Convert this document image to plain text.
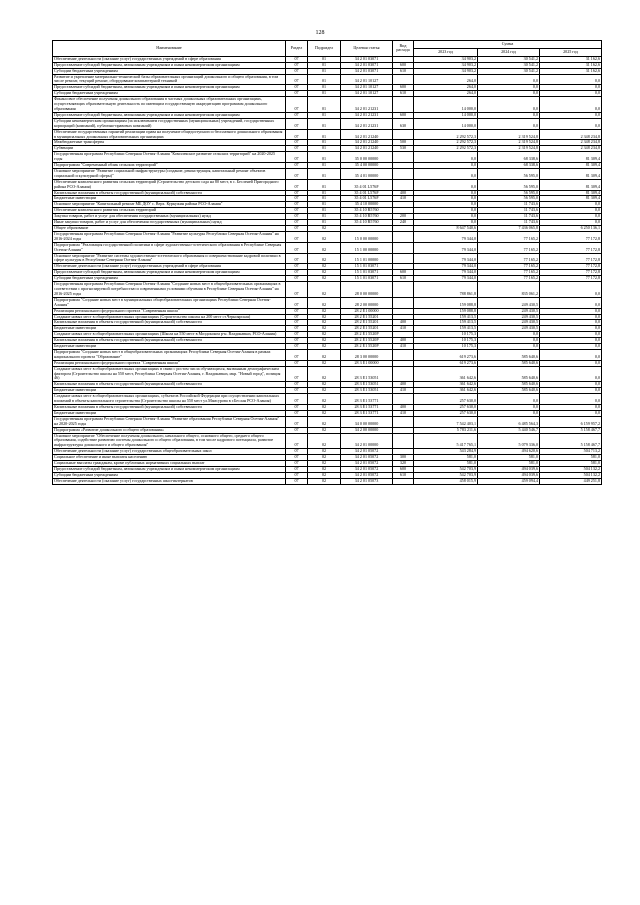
128
Наименование	Раздел	Подраздел	Целевая статья	Вид расхода	Сумма		
					2023 год	2024 год	2025 год
Обеспечение деятельности (оказание услуг) государственных учреждений в сфере образования	07	01	34 2 01 03071		34 903,2	30 541,2	31 162,6
Предоставление субсидий бюджетным, автономным учреждениям и иным некоммерческим организациям	07	01	34 2 01 03071	600	34 903,2	30 541,2	31 162,6
Субсидии бюджетным учреждениям	07	01	34 2 01 03071	610	34 903,2	30 541,2	31 162,6
Развитие и укрепление материально-технической базы образовательных организаций дошкольного и общего образования, в том числе ремонт, текущий ремонт, оборудование компьютерной техникой	07	01	34 2 01 10127		264,0	0,0	0,0
Предоставление субсидий бюджетным, автономным учреждениям и иным некоммерческим организациям	07	01	34 2 01 10127	600	264,0	0,0	0,0
Субсидии бюджетным учреждениям	07	01	34 2 01 10127	610	264,0	0,0	0,0
Финансовое обеспечение получения дошкольного образования в частных дошкольных образовательных организациях, осуществляющих образовательную деятельность по имеющим государственную аккредитацию программам дошкольного образования	07	01	34 2 01 21231		14 000,0	0,0	0,0
Предоставление субсидий бюджетным, автономным учреждениям и иным некоммерческим организациям	07	01	34 2 01 21231	600	14 000,0	0,0	0,0
Субсидии некоммерческим организациям (за исключением государственных (муниципальных) учреждений, государственных корпораций (компаний), публично-правовых компаний)	07	01	34 2 01 21231	630	14 000,0	0,0	0,0
Обеспечение государственных гарантий реализации права на получение общедоступного и бесплатного дошкольного образования в муниципальных дошкольных образовательных организациях	07	01	34 2 01 21240		2 292 572,3	2 319 524,8	2 348 234,8
Межбюджетные трансферты	07	01	34 2 01 21240	500	2 292 572,3	2 319 524,8	2 348 234,8
Субвенции	07	01	34 2 01 21240	530	2 292 572,3	2 319 524,8	2 348 234,8
Государственная программа Республики Северная Осетия-Алания "Комплексное развитие сельских территорий" на 2020-2025 годы	07	01	35 0 00 00000		0,0	68 338,6	81 309,4
Подпрограмма "Современный облик сельских территорий"	07	01	35 4 00 00000		0,0	68 338,6	81 309,4
Основное мероприятие "Развитие социальной инфраструктуры (создание, реконструкция, капитальный ремонт объектов социальной и культурной сферы)"	07	01	35 4 01 00000		0,0	56 595,0	81 309,4
Обеспечение комплексного развития сельских территорий (Строительство детского сада на 80 мест, в с. Бесленей Пригородного района РСО-Алания)	07	01	35 4 01 L576F		0,0	56 595,0	81 309,4
Капитальные вложения в объекты государственной (муниципальной) собственности	07	01	35 4 01 L576F	400	0,0	56 595,0	81 309,4
Бюджетные инвестиции	07	01	35 4 01 L576F	410	0,0	56 595,0	81 309,4
Основное мероприятие "Капитальный ремонт МБ ДОУ с. Верх. Куркужин района РСО-Алания"	07	01	35 4 10 00000		0,0	11 743,6	0,0
Обеспечение комплексного развития сельских территорий	07	01	35 4 10 R5760		0,0	11 743,6	0,0
Закупка товаров, работ и услуг для обеспечения государственных (муниципальных) нужд	07	01	35 4 10 R5760	200	0,0	11 743,6	0,0
Иные закупки товаров, работ и услуг для обеспечения государственных (муниципальных) нужд	07	01	35 4 10 R5760	240	0,0	11 743,6	0,0
Общее образование	07	02			8 647 540,6	7 436 065,8	6 250 136,1
Государственная программа Республики Северная Осетия-Алания "Развитие культуры Республики Северная Осетия-Алания" на 2016-2024 годы	07	02	15 0 00 00000		79 344,0	77 165,2	77 172,8
Подпрограмма "Реализация государственной политики в сфере художественно-эстетического образования в Республике Северная Осетия-Алания"	07	02	15 1 00 00000		79 344,0	77 165,2	77 172,8
Основное мероприятие "Развитие системы художественно-эстетического образования и совершенствование кадровой политики в сфере культуры в Республике Северная Осетия-Алания"	07	02	15 1 01 00000		79 344,0	77 165,2	77 172,8
Обеспечение деятельности (оказание услуг) государственных учреждений в сфере образования	07	02	15 1 01 03071		79 344,0	77 165,2	77 172,8
Предоставление субсидий бюджетным, автономным учреждениям и иным некоммерческим организациям	07	02	15 1 01 03071	600	79 344,0	77 165,2	77 172,8
Субсидии бюджетным учреждениям	07	02	15 1 01 03071	610	79 344,0	77 165,2	77 172,8
Государственная программа Республики Северная Осетия-Алания "Создание новых мест в общеобразовательных организациях в соответствии с прогнозируемой потребностью и современными условиями обучения в Республике Северная Осетия-Алания" на 2016-2025 годы	07	02	28 0 00 00000		788 861,8	835 061,2	0,0
Подпрограмма "Создание новых мест в муниципальных общеобразовательных организациях Республики Северная Осетия-Алания"	07	02	28 2 00 00000		159 088,8	249 430,5	0,0
Реализация регионального федерального проекта "Современная школа"	07	02	28 2 E1 00000		159 088,8	249 430,5	0,0
Создание новых мест в общеобразовательных организациях (Строительство школы на 200 мест ст.Черноярская)	07	02	28 2 E1 55201		159 413,5	249 430,5	0,0
Капитальные вложения в объекты государственной (муниципальной) собственности	07	02	28 2 E1 55201	400	159 413,5	249 430,5	0,0
Бюджетные инвестиции	07	02	28 2 E1 55201	410	159 413,5	249 430,5	0,0
Создание новых мест в общеобразовательных организациях (Школа на 550 мест в Моздокском р-н. Владикавказ, РСО-Алания)	07	02	28 2 E1 5520P		10 175,3	0,0	0,0
Капитальные вложения в объекты государственной (муниципальной) собственности	07	02	28 2 E1 5520P	400	10 175,3	0,0	0,0
Бюджетные инвестиции	07	02	28 2 E1 5520P	410	10 175,3	0,0	0,0
Подпрограмма "Создание новых мест в общеобразовательных организациях Республики Северная Осетия-Алания в рамках национального проекта "Образование"	07	02	28 3 00 00000		619 273,6	585 640,6	0,0
Реализация регионального федерального проекта "Современная школа"	07	02	28 3 E1 00000		619 273,6	585 640,6	0,0
Создание новых мест в общеобразовательных организациях в связи с ростом числа обучающихся, вызванным демографическим фактором (Строительство школы на 550 мест, Республика Северная Осетия-Алания, г. Владикавказ, мкр. "Новый город", позиция 46)	07	02	28 3 E1 53051		361 642,6	585 640,6	0,0
Капитальные вложения в объекты государственной (муниципальной) собственности	07	02	28 3 E1 53051	400	361 642,6	585 640,6	0,0
Бюджетные инвестиции	07	02	28 3 E1 53051	410	361 642,6	585 640,6	0,0
Создание новых мест в общеобразовательных организациях, субъектов Российской Федерации при осуществлении капитальных вложений в объекты капитального строительства (Строительство школы на 550 мест ул.Мамсурова в г.Беслан РСО-Алания)	07	02	28 3 E1 53771		257 630,0	0,0	0,0
Капитальные вложения в объекты государственной (муниципальной) собственности	07	02	28 3 E1 53771	400	257 630,0	0,0	0,0
Бюджетные инвестиции	07	02	28 3 E1 53771	410	257 630,0	0,0	0,0
Государственная программа Республики Северная Осетия-Алания "Развитие образования Республики Северная Осетия-Алания" на 2020-2025 годы	07	02	34 0 00 00000		7 542 403,1	6 485 564,3	6 159 957,2
Подпрограмма «Развитие дошкольного и общего образования»	07	02	34 2 00 00000		5 783 211,6	5 440 546,7	5 158 467,7
Основное мероприятие "Обеспечение получения дошкольного, начального общего, основного общего, среднего общего образования, содействие развитию системы дошкольного и общего образования, в том числе кадрового потенциала, развитие инфраструктуры дошкольного и общего образования"	07	02	34 2 01 00000		5 417 765,1	5 079 336,0	5 158 467,7
Обеспечение деятельности (оказание услуг) государственных общеобразовательных школ	07	02	34 2 01 05072		543 284,9	494 620,6	504 713,2
Социальное обеспечение и иные выплаты населению	07	02	34 2 01 05072	300	581,0	581,0	581,0
Социальные выплаты гражданам, кроме публичных нормативных социальных выплат	07	02	34 2 01 05072	320	581,0	581,0	581,0
Предоставление субсидий бюджетным, автономным учреждениям и иным некоммерческим организациям	07	02	34 2 01 05072	600	542 703,9	494 039,6	504 132,2
Субсидии бюджетным учреждениям	07	02	34 2 01 05072	610	542 703,9	494 039,6	504 132,2
Обеспечение деятельности (оказание услуг) государственных школ-интернатов	07	02	34 2 01 05073		458 015,9	459 094,4	449 251,8
